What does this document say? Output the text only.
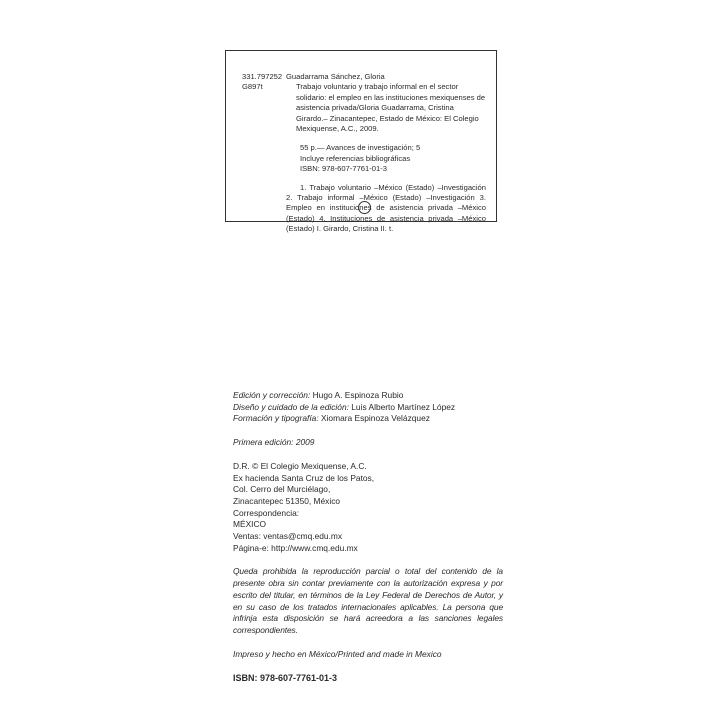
331.797252
G897t
Guadarrama Sánchez, Gloria
Trabajo voluntario y trabajo informal en el sector solidario: el empleo en las instituciones mexiquenses de asistencia privada/Gloria Guadarrama, Cristina Girardo.– Zinacantepec, Estado de México: El Colegio Mexiquense, A.C., 2009.
55 p.— Avances de investigación; 5
Incluye referencias bibliográficas
ISBN: 978-607-7761-01-3
1. Trabajo voluntario –México (Estado) –Investigación 2. Trabajo informal –México (Estado) –Investigación 3. Empleo en instituciones de asistencia privada –México (Estado) 4. Instituciones de asistencia privada –México (Estado) I. Girardo, Cristina II. t.
Edición y corrección: Hugo A. Espinoza Rubio
Diseño y cuidado de la edición: Luis Alberto Martínez López
Formación y tipografía: Xiomara Espinoza Velázquez
Primera edición: 2009
D.R. © El Colegio Mexiquense, A.C.
Ex hacienda Santa Cruz de los Patos,
Col. Cerro del Murciélago,
Zinacantepec 51350, México
Correspondencia:
MÉXICO
Ventas: ventas@cmq.edu.mx
Página-e: http://www.cmq.edu.mx
Queda prohibida la reproducción parcial o total del contenido de la presente obra sin contar previamente con la autorización expresa y por escrito del titular, en términos de la Ley Federal de Derechos de Autor, y en su caso de los tratados internacionales aplicables. La persona que infrinja esta disposición se hará acreedora a las sanciones legales correspondientes.
Impreso y hecho en México/Printed and made in Mexico
ISBN: 978-607-7761-01-3
